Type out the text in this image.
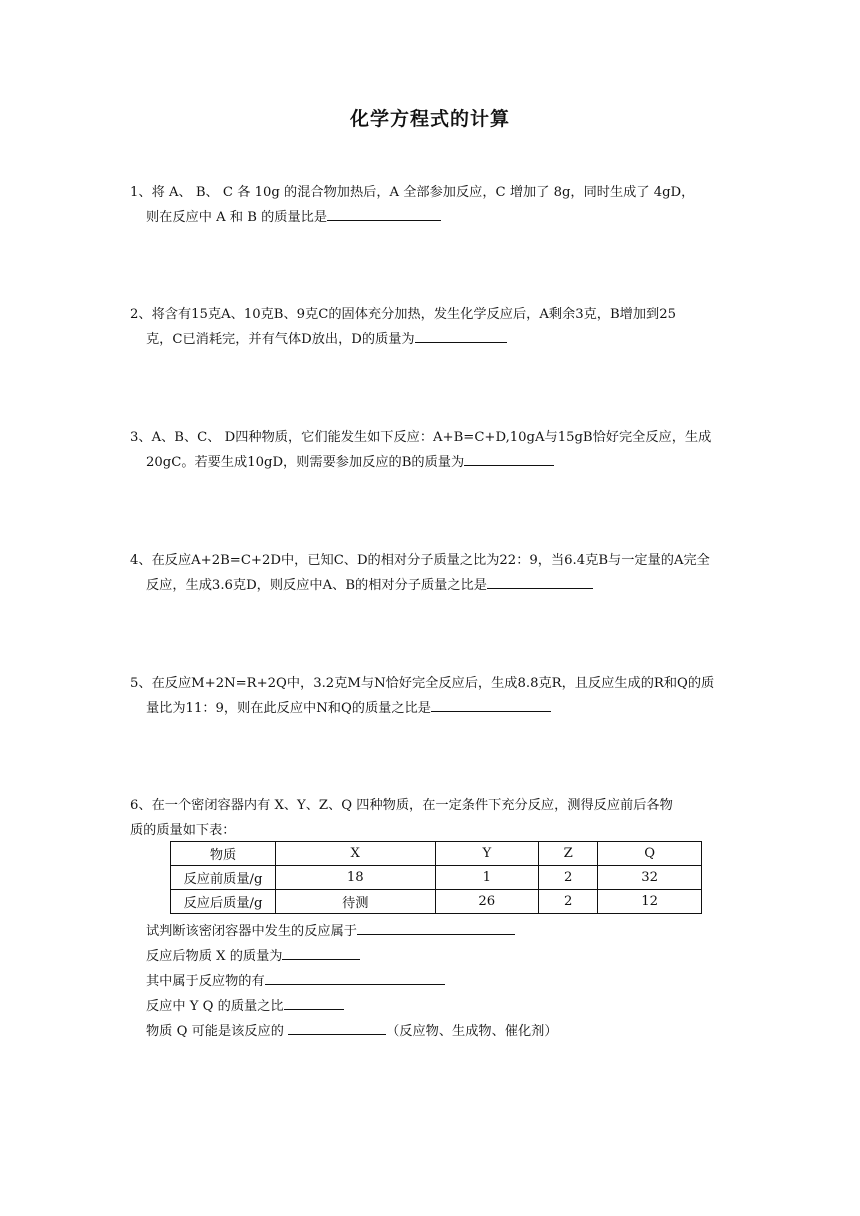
化学方程式的计算
1、将 A、 B、 C 各 10g 的混合物加热后，A 全部参加反应，C 增加了 8g，同时生成了 4gD，
则在反应中 A 和 B 的质量比是
2、将含有15克A、10克B、9克C的固体充分加热，发生化学反应后，A剩余3克，B增加到25
克，C已消耗完，并有气体D放出，D的质量为
3、A、B、C、 D四种物质，它们能发生如下反应：A+B=C+D,10gA与15gB恰好完全反应，生成
20gC。若要生成10gD，则需要参加反应的B的质量为
4、在反应A+2B=C+2D中，已知C、D的相对分子质量之比为22：9，当6.4克B与一定量的A完全
反应，生成3.6克D，则反应中A、B的相对分子质量之比是
5、在反应M+2N=R+2Q中，3.2克M与N恰好完全反应后，生成8.8克R，且反应生成的R和Q的质
量比为11：9，则在此反应中N和Q的质量之比是
6、在一个密闭容器内有 X、Y、Z、Q 四种物质，在一定条件下充分反应，测得反应前后各物
质的质量如下表：
物质	X	Y	Z	Q
反应前质量/g	18	1	2	32
反应后质量/g	待测	26	2	12
试判断该密闭容器中发生的反应属于
反应后物质 X 的质量为
其中属于反应物的有
反应中 Y Q 的质量之比
物质 Q 可能是该反应的	（反应物、生成物、催化剂）
